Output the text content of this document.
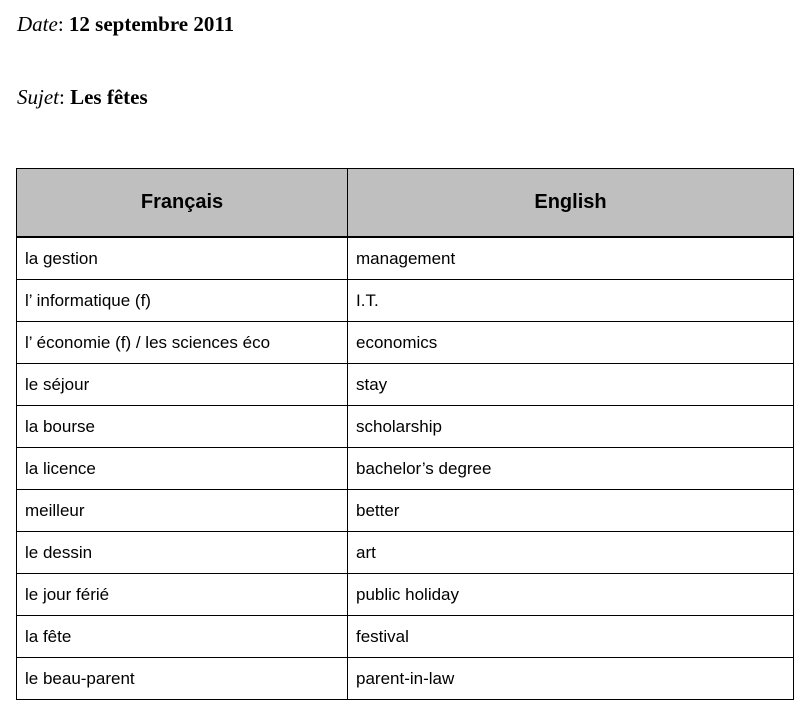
Date: 12 septembre 2011
Sujet: Les fêtes
Français	English
la gestion	management
l’ informatique (f)	I.T.
l’ économie (f) / les sciences éco	economics
le séjour	stay
la bourse	scholarship
la licence	bachelor’s degree
meilleur	better
le dessin	art
le jour férié	public holiday
la fête	festival
le beau-parent	parent-in-law
